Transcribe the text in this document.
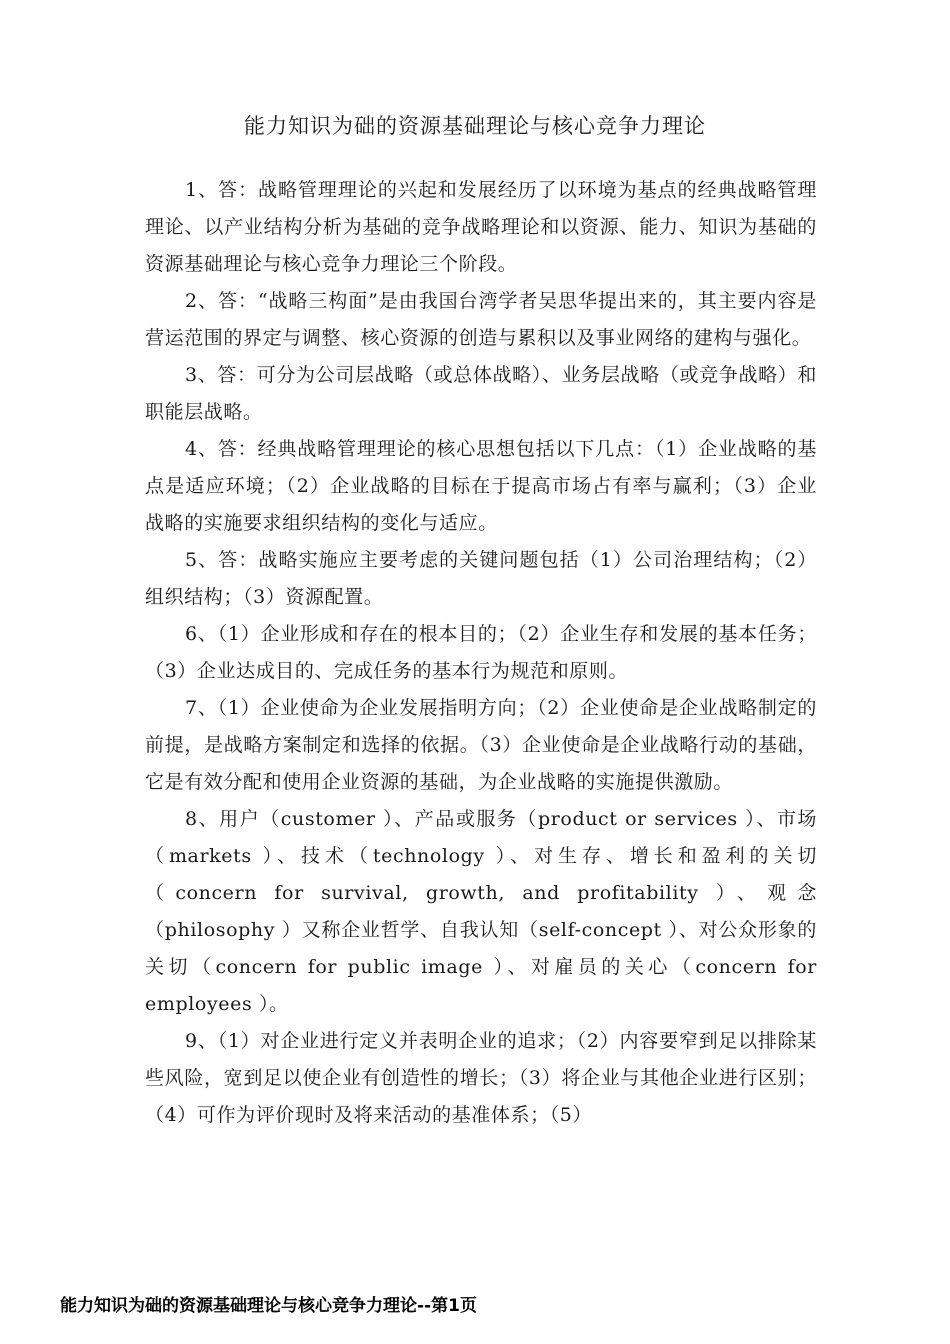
能力知识为础的资源基础理论与核心竞争力理论

1、答：战略管理理论的兴起和发展经历了以环境为基点的经典战略管理理论、以产业结构分析为基础的竞争战略理论和以资源、能力、知识为基础的资源基础理论与核心竞争力理论三个阶段。

2、答：“战略三构面”是由我国台湾学者吴思华提出来的，其主要内容是营运范围的界定与调整、核心资源的创造与累积以及事业网络的建构与强化。

3、答：可分为公司层战略（或总体战略）、业务层战略（或竞争战略）和职能层战略。

4、答：经典战略管理理论的核心思想包括以下几点：（1）企业战略的基点是适应环境；（2）企业战略的目标在于提高市场占有率与赢利；（3）企业战略的实施要求组织结构的变化与适应。

5、答：战略实施应主要考虑的关键问题包括（1）公司治理结构；（2）组织结构；（3）资源配置。

6、（1）企业形成和存在的根本目的；（2）企业生存和发展的基本任务；（3）企业达成目的、完成任务的基本行为规范和原则。

7、（1）企业使命为企业发展指明方向；（2）企业使命是企业战略制定的前提，是战略方案制定和选择的依据。（3）企业使命是企业战略行动的基础，它是有效分配和使用企业资源的基础，为企业战略的实施提供激励。

8、用户（customer ）、产品或服务（product or services ）、市场（markets ）、技术（technology ）、对生存、增长和盈利的关切（concern for survival, growth, and profitability ）、观念（philosophy ）又称企业哲学、自我认知（self-concept ）、对公众形象的关切（concern for public image ）、对雇员的关心（concern for employees ）。

9、（1）对企业进行定义并表明企业的追求；（2）内容要窄到足以排除某些风险，宽到足以使企业有创造性的增长；（3）将企业与其他企业进行区别；（4）可作为评价现时及将来活动的基准体系；（5）

能力知识为础的资源基础理论与核心竞争力理论--第1页
